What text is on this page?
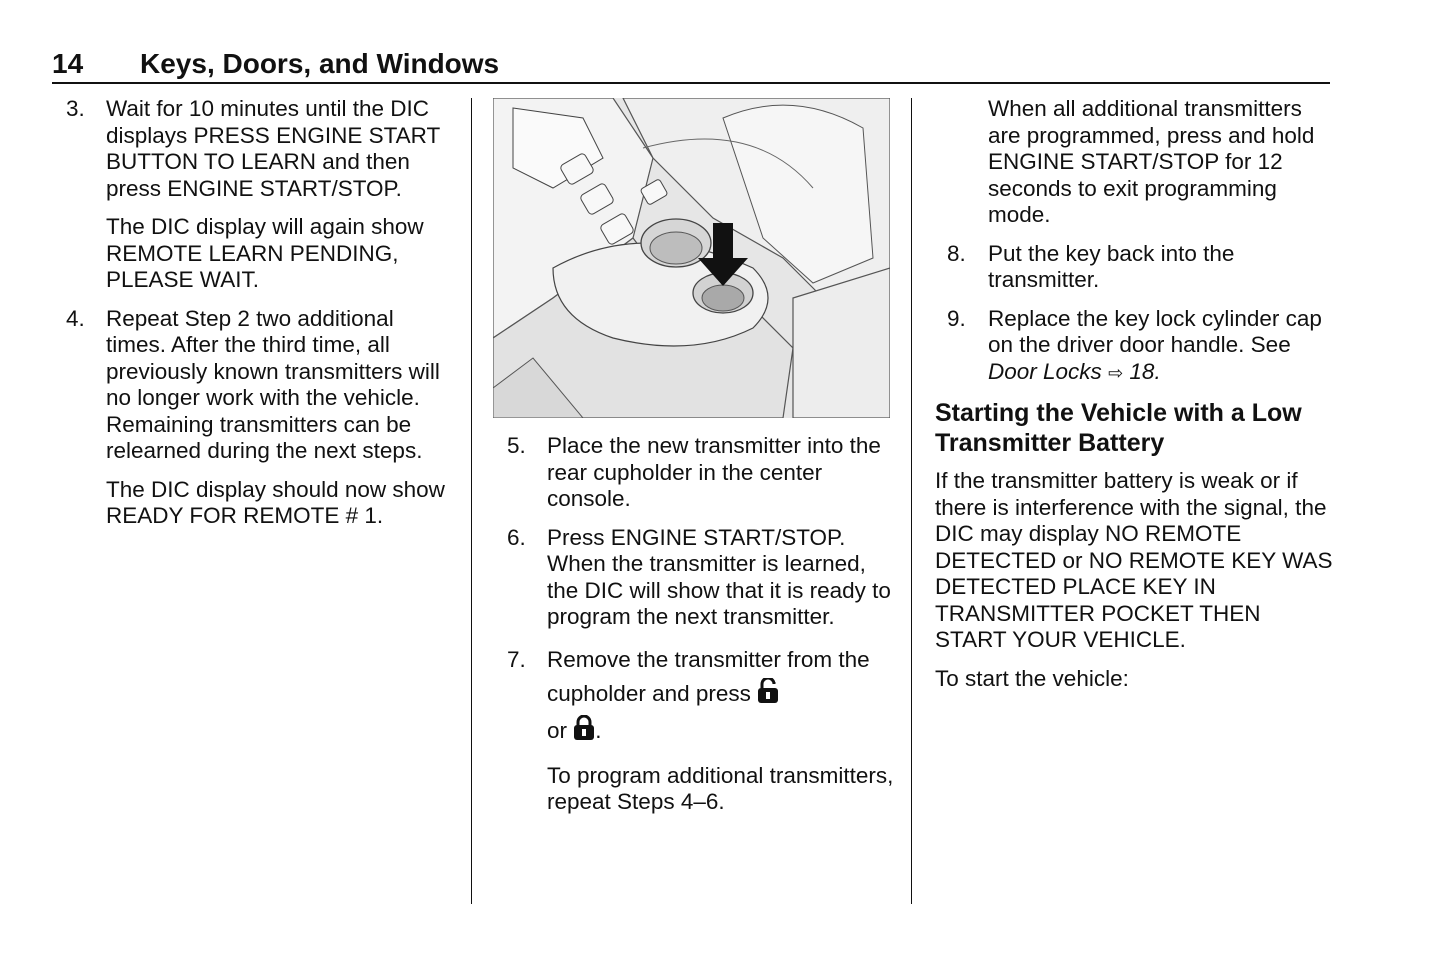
14 Keys, Doors, and Windows
3. Wait for 10 minutes until the DIC displays PRESS ENGINE START BUTTON TO LEARN and then press ENGINE START/STOP.
The DIC display will again show REMOTE LEARN PENDING, PLEASE WAIT.
4. Repeat Step 2 two additional times. After the third time, all previously known transmitters will no longer work with the vehicle. Remaining transmitters can be relearned during the next steps.
The DIC display should now show READY FOR REMOTE # 1.
5. Place the new transmitter into the rear cupholder in the center console.
6. Press ENGINE START/STOP. When the transmitter is learned, the DIC will show that it is ready to program the next transmitter.
7. Remove the transmitter from the cupholder and press
or .
To program additional transmitters, repeat Steps 4–6.
When all additional transmitters are programmed, press and hold ENGINE START/STOP for 12 seconds to exit programming mode.
8. Put the key back into the transmitter.
9. Replace the key lock cylinder cap on the driver door handle. See Door Locks ⇨ 18.
Starting the Vehicle with a Low Transmitter Battery
If the transmitter battery is weak or if there is interference with the signal, the DIC may display NO REMOTE DETECTED or NO REMOTE KEY WAS DETECTED PLACE KEY IN TRANSMITTER POCKET THEN START YOUR VEHICLE.
To start the vehicle:
